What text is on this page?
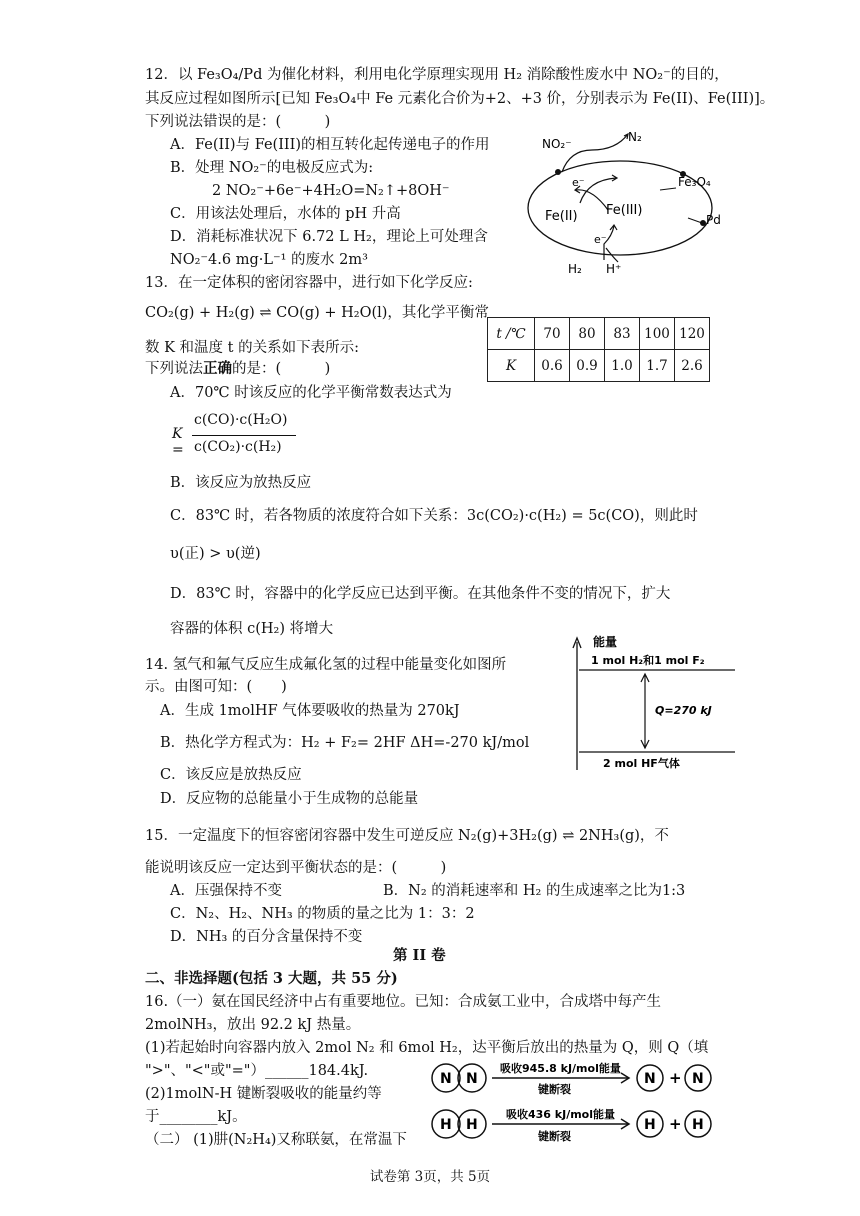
12．以 Fe₃O₄/Pd 为催化材料，利用电化学原理实现用 H₂ 消除酸性废水中 NO₂⁻的目的，
其反应过程如图所示[已知 Fe₃O₄中 Fe 元素化合价为+2、+3 价，分别表示为 Fe(II)、Fe(III)]。
下列说法错误的是：(　　　)
A．Fe(II)与 Fe(III)的相互转化起传递电子的作用
B．处理 NO₂⁻的电极反应式为:
2 NO₂⁻+6e⁻+4H₂O=N₂↑+8OH⁻
C．用该法处理后，水体的 pH 升高
D．消耗标准状况下 6.72 L H₂，理论上可处理含
NO₂⁻4.6 mg·L⁻¹ 的废水 2m³
NO₂⁻	N₂
Fe₃O₄
e⁻
Fe(II) Fe(III)
Pd
e⁻
H₂ H⁺
13．在一定体积的密闭容器中，进行如下化学反应:
CO₂(g) + H₂(g) ⇌ CO(g) + H₂O(l)，其化学平衡常
数 K 和温度 t 的关系如下表所示:
下列说法正确的是：(　　　)
t /℃	70	80	83	100	120
K	0.6	0.9	1.0	1.7	2.6
A．70℃ 时该反应的化学平衡常数表达式为
K =
c(CO)·c(H₂O)
c(CO₂)·c(H₂)
B．该反应为放热反应
C．83℃ 时，若各物质的浓度符合如下关系：3c(CO₂)·c(H₂) = 5c(CO)，则此时
υ(正) > υ(逆)
D．83℃ 时，容器中的化学反应已达到平衡。在其他条件不变的情况下，扩大
容器的体积 c(H₂) 将增大
14. 氢气和氟气反应生成氟化氢的过程中能量变化如图所
示。由图可知：(　　)
A．生成 1molHF 气体要吸收的热量为 270kJ
B．热化学方程式为：H₂ + F₂= 2HF ΔH=-270 kJ/mol
C．该反应是放热反应
D．反应物的总能量小于生成物的总能量
能量
1 mol H₂和1 mol F₂
2 mol HF气体
Q=270 kJ
15．一定温度下的恒容密闭容器中发生可逆反应 N₂(g)+3H₂(g) ⇌ 2NH₃(g)，不
能说明该反应一定达到平衡状态的是：(　　　)
A．压强保持不变	B．N₂ 的消耗速率和 H₂ 的生成速率之比为1:3
C．N₂、H₂、NH₃ 的物质的量之比为 1：3：2
D．NH₃ 的百分含量保持不变
第 II 卷
二、非选择题(包括 3 大题，共 55 分)
16.（一）氨在国民经济中占有重要地位。已知：合成氨工业中，合成塔中每产生
2molNH₃，放出 92.2 kJ 热量。
(1)若起始时向容器内放入 2mol N₂ 和 6mol H₂，达平衡后放出的热量为 Q，则 Q（填
">"、"<"或"="）______184.4kJ.
(2)1molN-H 键断裂吸收的能量约等
于________kJ。
（二） (1)肼(N₂H₄)又称联氨，在常温下
N N
吸收945.8 kJ/mol能量
键断裂
N + N
H H
吸收436 kJ/mol能量
键断裂
H + H
试卷第 3页，共 5页
